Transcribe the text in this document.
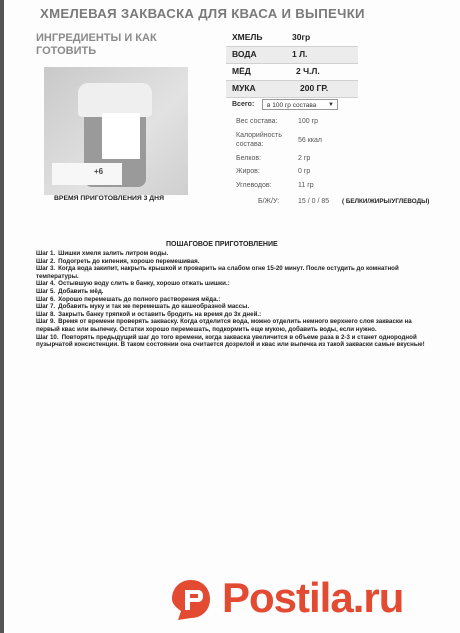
ХМЕЛЕВАЯ ЗАКВАСКА ДЛЯ КВАСА И ВЫПЕЧКИ
ИНГРЕДИЕНТЫ И КАК ГОТОВИТЬ
+6
ВРЕМЯ ПРИГОТОВЛЕНИЯ 3 ДНЯ
ХМЕЛЬ	30гр
ВОДА	1 Л.
МЁД	2 Ч.Л.
МУКА	200 ГР.
Всего:	в 100 гр состава ▼
Вес состава:	100 гр
Калорийность состава:
56 ккал
Белков:	2 гр
Жиров:	0 гр
Углеводов:	11 гр
Б/Ж/У:	15 / 0 / 85 ( БЕЛКИ/ЖИРЫ/УГЛЕВОДЫ)
ПОШАГОВОЕ ПРИГОТОВЛЕНИЕ

Шаг 1. Шишки хмеля залить литром воды.

Шаг 2. Подогреть до кипения, хорошо перемешивая.

Шаг 3. Когда вода закипит, накрыть крышкой и проварить на слабом огне 15-20 минут. После остудить до комнатной температуры.

Шаг 4. Остывшую воду слить в банку, хорошо отжать шишки.:

Шаг 5. Добавить мёд.

Шаг 6. Хорошо перемешать до полного растворения мёда.:

Шаг 7. Добавить муку и так же перемешать до кашеобразной массы.

Шаг 8. Закрыть банку тряпкой и оставить бродить на время до 3х дней.:

Шаг 9. Время от времени проверять закваску. Когда отделится вода, можно отделить немного верхнего слоя закваски на первый квас или выпечку. Остатки хорошо перемешать, подкормить еще мукою, добавить воды, если нужно.

Шаг 10. Повторять предыдущий шаг до того времени, когда закваска увеличится в объеме раза в 2-3 и станет однородной пузырчатой консистенции. В таком состоянии она считается дозрелой и квас или выпечка из такой закваски самые вкусные!

Postila.ru
